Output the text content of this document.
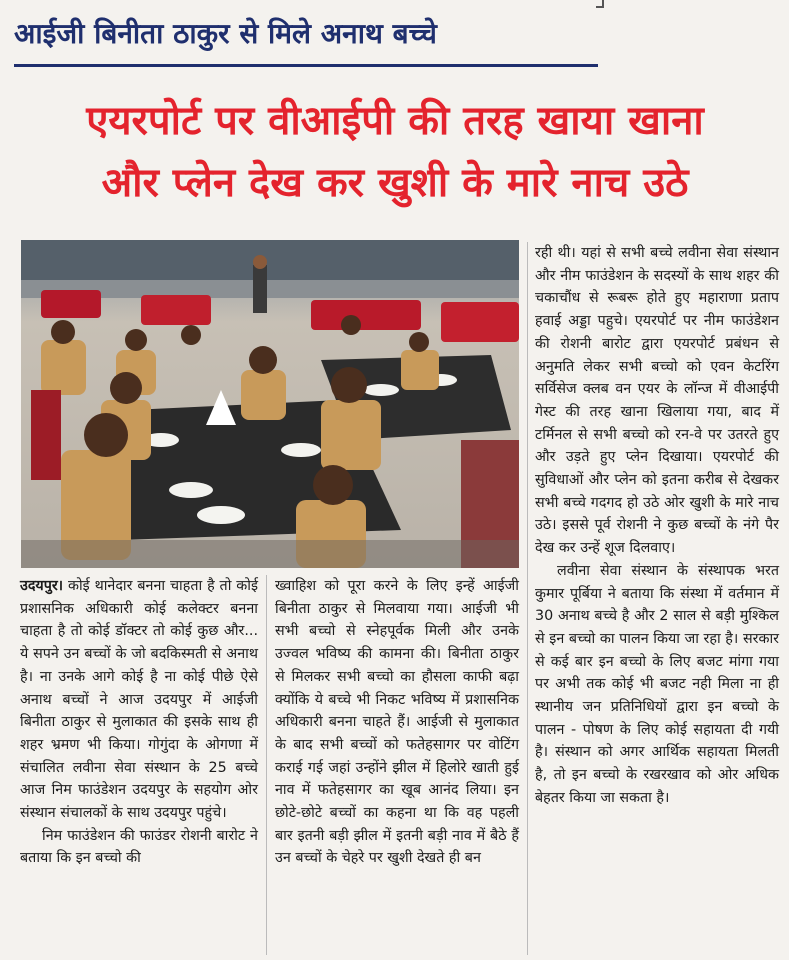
आईजी बिनीता ठाकुर से मिले अनाथ बच्चे
एयरपोर्ट पर वीआईपी की तरह खाया खाना
और प्लेन देख कर खुशी के मारे नाच उठे

उदयपुर। कोई थानेदार बनना चाहता है तो कोई प्रशासनिक अधिकारी कोई कलेक्टर बनना चाहता है तो कोई डॉक्टर तो कोई कुछ और... ये सपने उन बच्चों के जो बदकिस्मती से अनाथ है। ना उनके आगे कोई है ना कोई पीछे ऐसे अनाथ बच्चों ने आज उदयपुर में आईजी बिनीता ठाकुर से मुलाकात की इसके साथ ही शहर भ्रमण भी किया। गोगुंदा के ओगणा में संचालित लवीना सेवा संस्थान के 25 बच्चे आज निम फाउंडेशन उदयपुर के सहयोग ओर संस्थान संचालकों के साथ उदयपुर पहुंचे।

निम फाउंडेशन की फाउंडर रोशनी बारोट ने बताया कि इन बच्चो की

ख्वाहिश को पूरा करने के लिए इन्हें आईजी बिनीता ठाकुर से मिलवाया गया। आईजी भी सभी बच्चो से स्नेहपूर्वक मिली और उनके उज्वल भविष्य की कामना की। बिनीता ठाकुर से मिलकर सभी बच्चो का हौसला काफी बढ़ा क्योंकि ये बच्चे भी निकट भविष्य में प्रशासनिक अधिकारी बनना चाहते हैं। आईजी से मुलाकात के बाद सभी बच्चों को फतेहसागर पर वोटिंग कराई गई जहां उन्होंने झील में हिलोरे खाती हुई नाव में फतेहसागर का खूब आनंद लिया। इन छोटे-छोटे बच्चों का कहना था कि वह पहली बार इतनी बड़ी झील में इतनी बड़ी नाव में बैठे हैं उन बच्चों के चेहरे पर खुशी देखते ही बन

रही थी। यहां से सभी बच्चे लवीना सेवा संस्थान और नीम फाउंडेशन के सदस्यों के साथ शहर की चकाचौंध से रूबरू होते हुए महाराणा प्रताप हवाई अड्डा पहुचे। एयरपोर्ट पर नीम फाउंडेशन की रोशनी बारोट द्वारा एयरपोर्ट प्रबंधन से अनुमति लेकर सभी बच्चो को एवन केटरिंग सर्विसेज क्लब वन एयर के लॉन्ज में वीआईपी गेस्ट की तरह खाना खिलाया गया, बाद में टर्मिनल से सभी बच्चो को रन-वे पर उतरते हुए और उड़ते हुए प्लेन दिखाया। एयरपोर्ट की सुविधाओं और प्लेन को इतना करीब से देखकर सभी बच्चे गदगद हो उठे ओर खुशी के मारे नाच उठे। इससे पूर्व रोशनी ने कुछ बच्चों के नंगे पैर देख कर उन्हें शूज दिलवाए।

लवीना सेवा संस्थान के संस्थापक भरत कुमार पूर्बिया ने बताया कि संस्था में वर्तमान में 30 अनाथ बच्चे है और 2 साल से बड़ी मुश्किल से इन बच्चो का पालन किया जा रहा है। सरकार से कई बार इन बच्चो के लिए बजट मांगा गया पर अभी तक कोई भी बजट नही मिला ना ही स्थानीय जन प्रतिनिधियों द्वारा इन बच्चो के पालन - पोषण के लिए कोई सहायता दी गयी है। संस्थान को अगर आर्थिक सहायता मिलती है, तो इन बच्चो के रखरखाव को ओर अधिक बेहतर किया जा सकता है।
